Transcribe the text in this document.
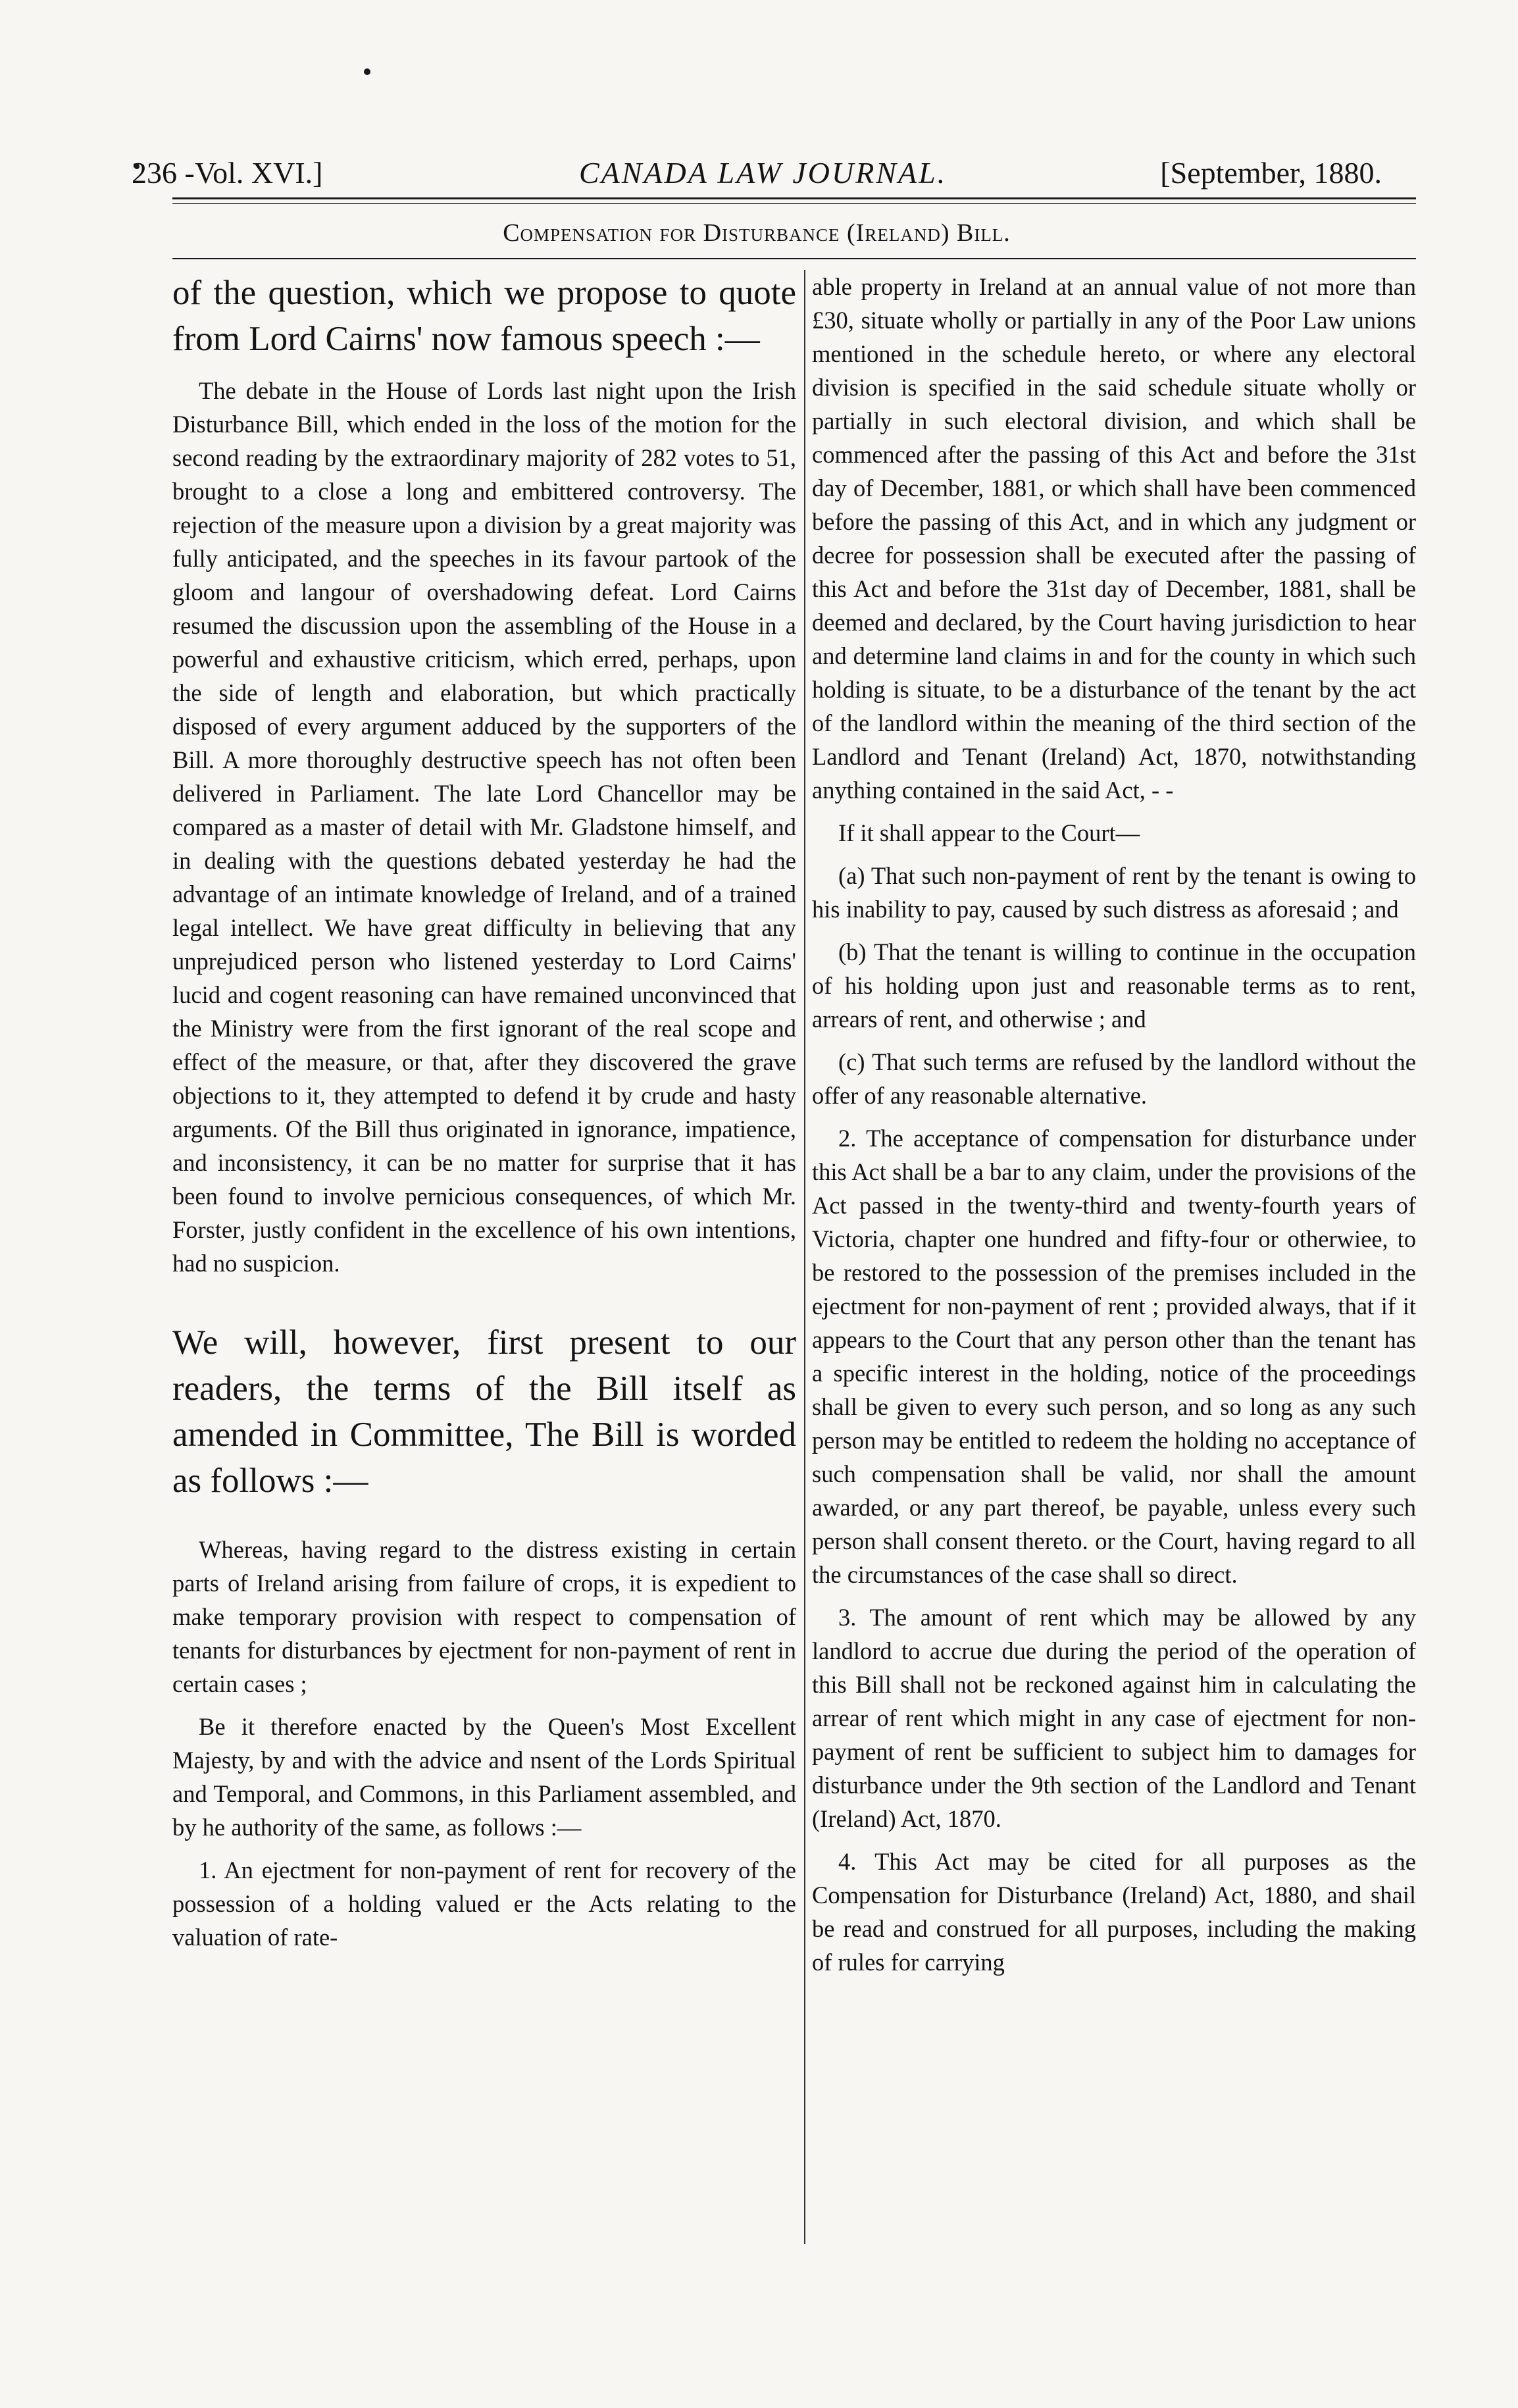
236 -Vol. XVI.]	CANADA LAW JOURNAL.	[September, 1880.
Compensation for Disturbance (Ireland) Bill.

of the question, which we propose to quote from Lord Cairns' now famous speech :—

The debate in the House of Lords last night upon the Irish Disturbance Bill, which ended in the loss of the motion for the second reading by the extraordinary majority of 282 votes to 51, brought to a close a long and embittered controversy. The rejection of the measure upon a division by a great majority was fully anticipated, and the speeches in its favour partook of the gloom and langour of overshadowing defeat. Lord Cairns resumed the discussion upon the assembling of the House in a powerful and exhaustive criticism, which erred, perhaps, upon the side of length and elaboration, but which practically disposed of every argument adduced by the supporters of the Bill. A more thoroughly destructive speech has not often been delivered in Parliament. The late Lord Chancellor may be compared as a master of detail with Mr. Gladstone himself, and in dealing with the questions debated yesterday he had the advantage of an intimate knowledge of Ireland, and of a trained legal intellect. We have great difficulty in believing that any unprejudiced person who listened yesterday to Lord Cairns' lucid and cogent reasoning can have remained unconvinced that the Ministry were from the first ignorant of the real scope and effect of the measure, or that, after they discovered the grave objections to it, they attempted to defend it by crude and hasty arguments. Of the Bill thus originated in ignorance, impatience, and inconsistency, it can be no matter for surprise that it has been found to involve pernicious consequences, of which Mr. Forster, justly confident in the excellence of his own intentions, had no suspicion.

We will, however, first present to our readers, the terms of the Bill itself as amended in Committee, The Bill is worded as follows :—

Whereas, having regard to the distress existing in certain parts of Ireland arising from failure of crops, it is expedient to make temporary provision with respect to compensation of tenants for disturbances by ejectment for non-payment of rent in certain cases ;

Be it therefore enacted by the Queen's Most Excellent Majesty, by and with the advice and nsent of the Lords Spiritual and Temporal, and Commons, in this Parliament assembled, and by he authority of the same, as follows :—

1. An ejectment for non-payment of rent for recovery of the possession of a holding valued er the Acts relating to the valuation of rate-

able property in Ireland at an annual value of not more than £30, situate wholly or partially in any of the Poor Law unions mentioned in the schedule hereto, or where any electoral division is specified in the said schedule situate wholly or partially in such electoral division, and which shall be commenced after the passing of this Act and before the 31st day of December, 1881, or which shall have been commenced before the passing of this Act, and in which any judgment or decree for possession shall be executed after the passing of this Act and before the 31st day of December, 1881, shall be deemed and declared, by the Court having jurisdiction to hear and determine land claims in and for the county in which such holding is situate, to be a disturbance of the tenant by the act of the landlord within the meaning of the third section of the Landlord and Tenant (Ireland) Act, 1870, notwithstanding anything contained in the said Act, - -

If it shall appear to the Court—

(a) That such non-payment of rent by the tenant is owing to his inability to pay, caused by such distress as aforesaid ; and

(b) That the tenant is willing to continue in the occupation of his holding upon just and reasonable terms as to rent, arrears of rent, and otherwise ; and

(c) That such terms are refused by the landlord without the offer of any reasonable alternative.

2. The acceptance of compensation for disturbance under this Act shall be a bar to any claim, under the provisions of the Act passed in the twenty-third and twenty-fourth years of Victoria, chapter one hundred and fifty-four or otherwiee, to be restored to the possession of the premises included in the ejectment for non-payment of rent ; provided always, that if it appears to the Court that any person other than the tenant has a specific interest in the holding, notice of the proceedings shall be given to every such person, and so long as any such person may be entitled to redeem the holding no acceptance of such compensation shall be valid, nor shall the amount awarded, or any part thereof, be payable, unless every such person shall consent thereto. or the Court, having regard to all the circumstances of the case shall so direct.

3. The amount of rent which may be allowed by any landlord to accrue due during the period of the operation of this Bill shall not be reckoned against him in calculating the arrear of rent which might in any case of ejectment for non-payment of rent be sufficient to subject him to damages for disturbance under the 9th section of the Landlord and Tenant (Ireland) Act, 1870.

4. This Act may be cited for all purposes as the Compensation for Disturbance (Ireland) Act, 1880, and shail be read and construed for all purposes, including the making of rules for carrying
